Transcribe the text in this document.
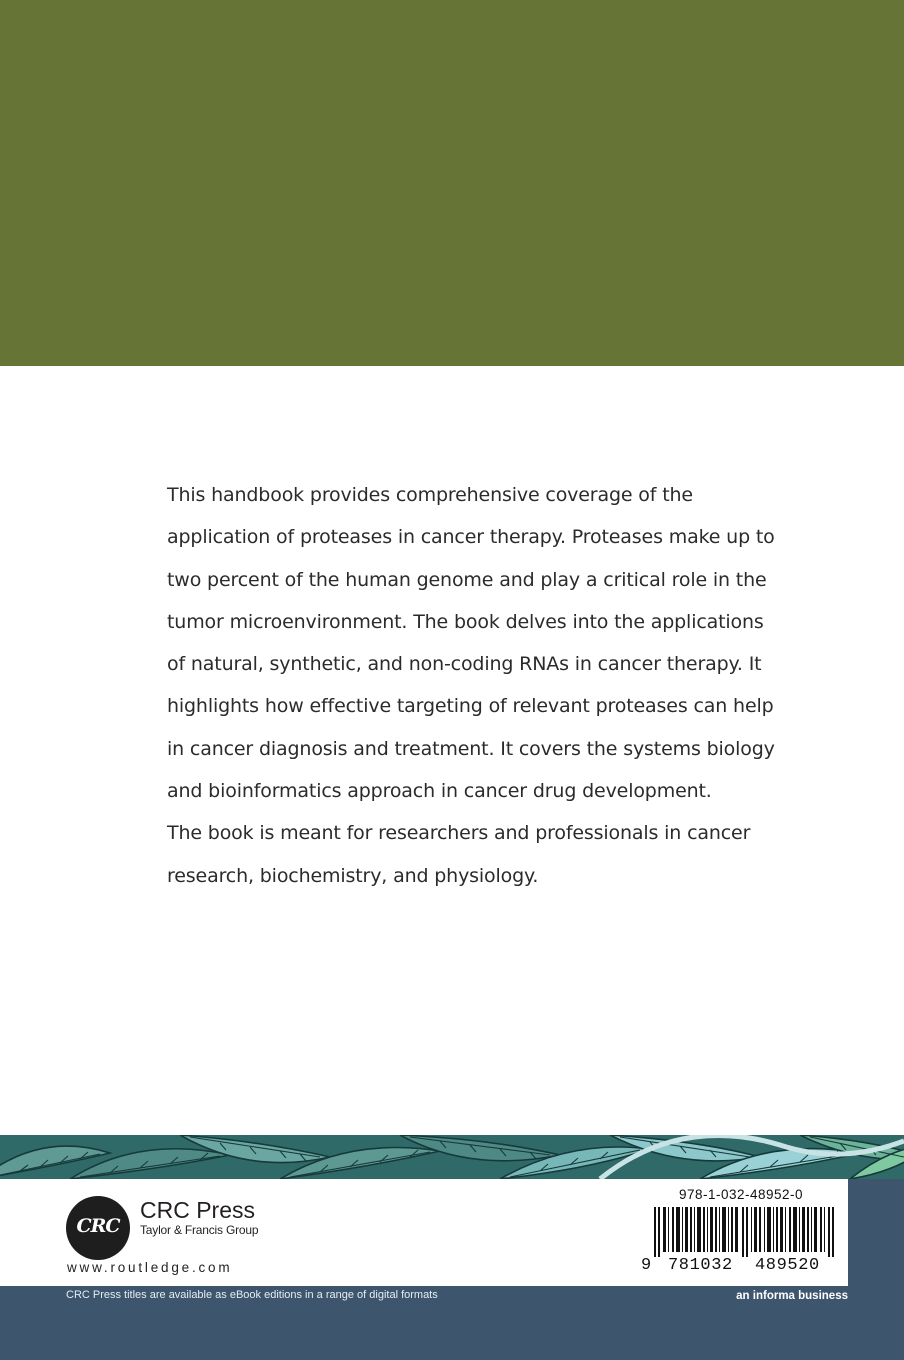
This handbook provides comprehensive coverage of the
application of proteases in cancer therapy. Proteases make up to
two percent of the human genome and play a critical role in the
tumor microenvironment. The book delves into the applications
of natural, synthetic, and non-coding RNAs in cancer therapy. It
highlights how effective targeting of relevant proteases can help
in cancer diagnosis and treatment. It covers the systems biology
and bioinformatics approach in cancer drug development.
The book is meant for researchers and professionals in cancer
research, biochemistry, and physiology.

CRC
CRC Press
Taylor & Francis Group
www.routledge.com
978-1-032-48952-0
9 781032 489520
CRC Press titles are available as eBook editions in a range of digital formats	an informa business
